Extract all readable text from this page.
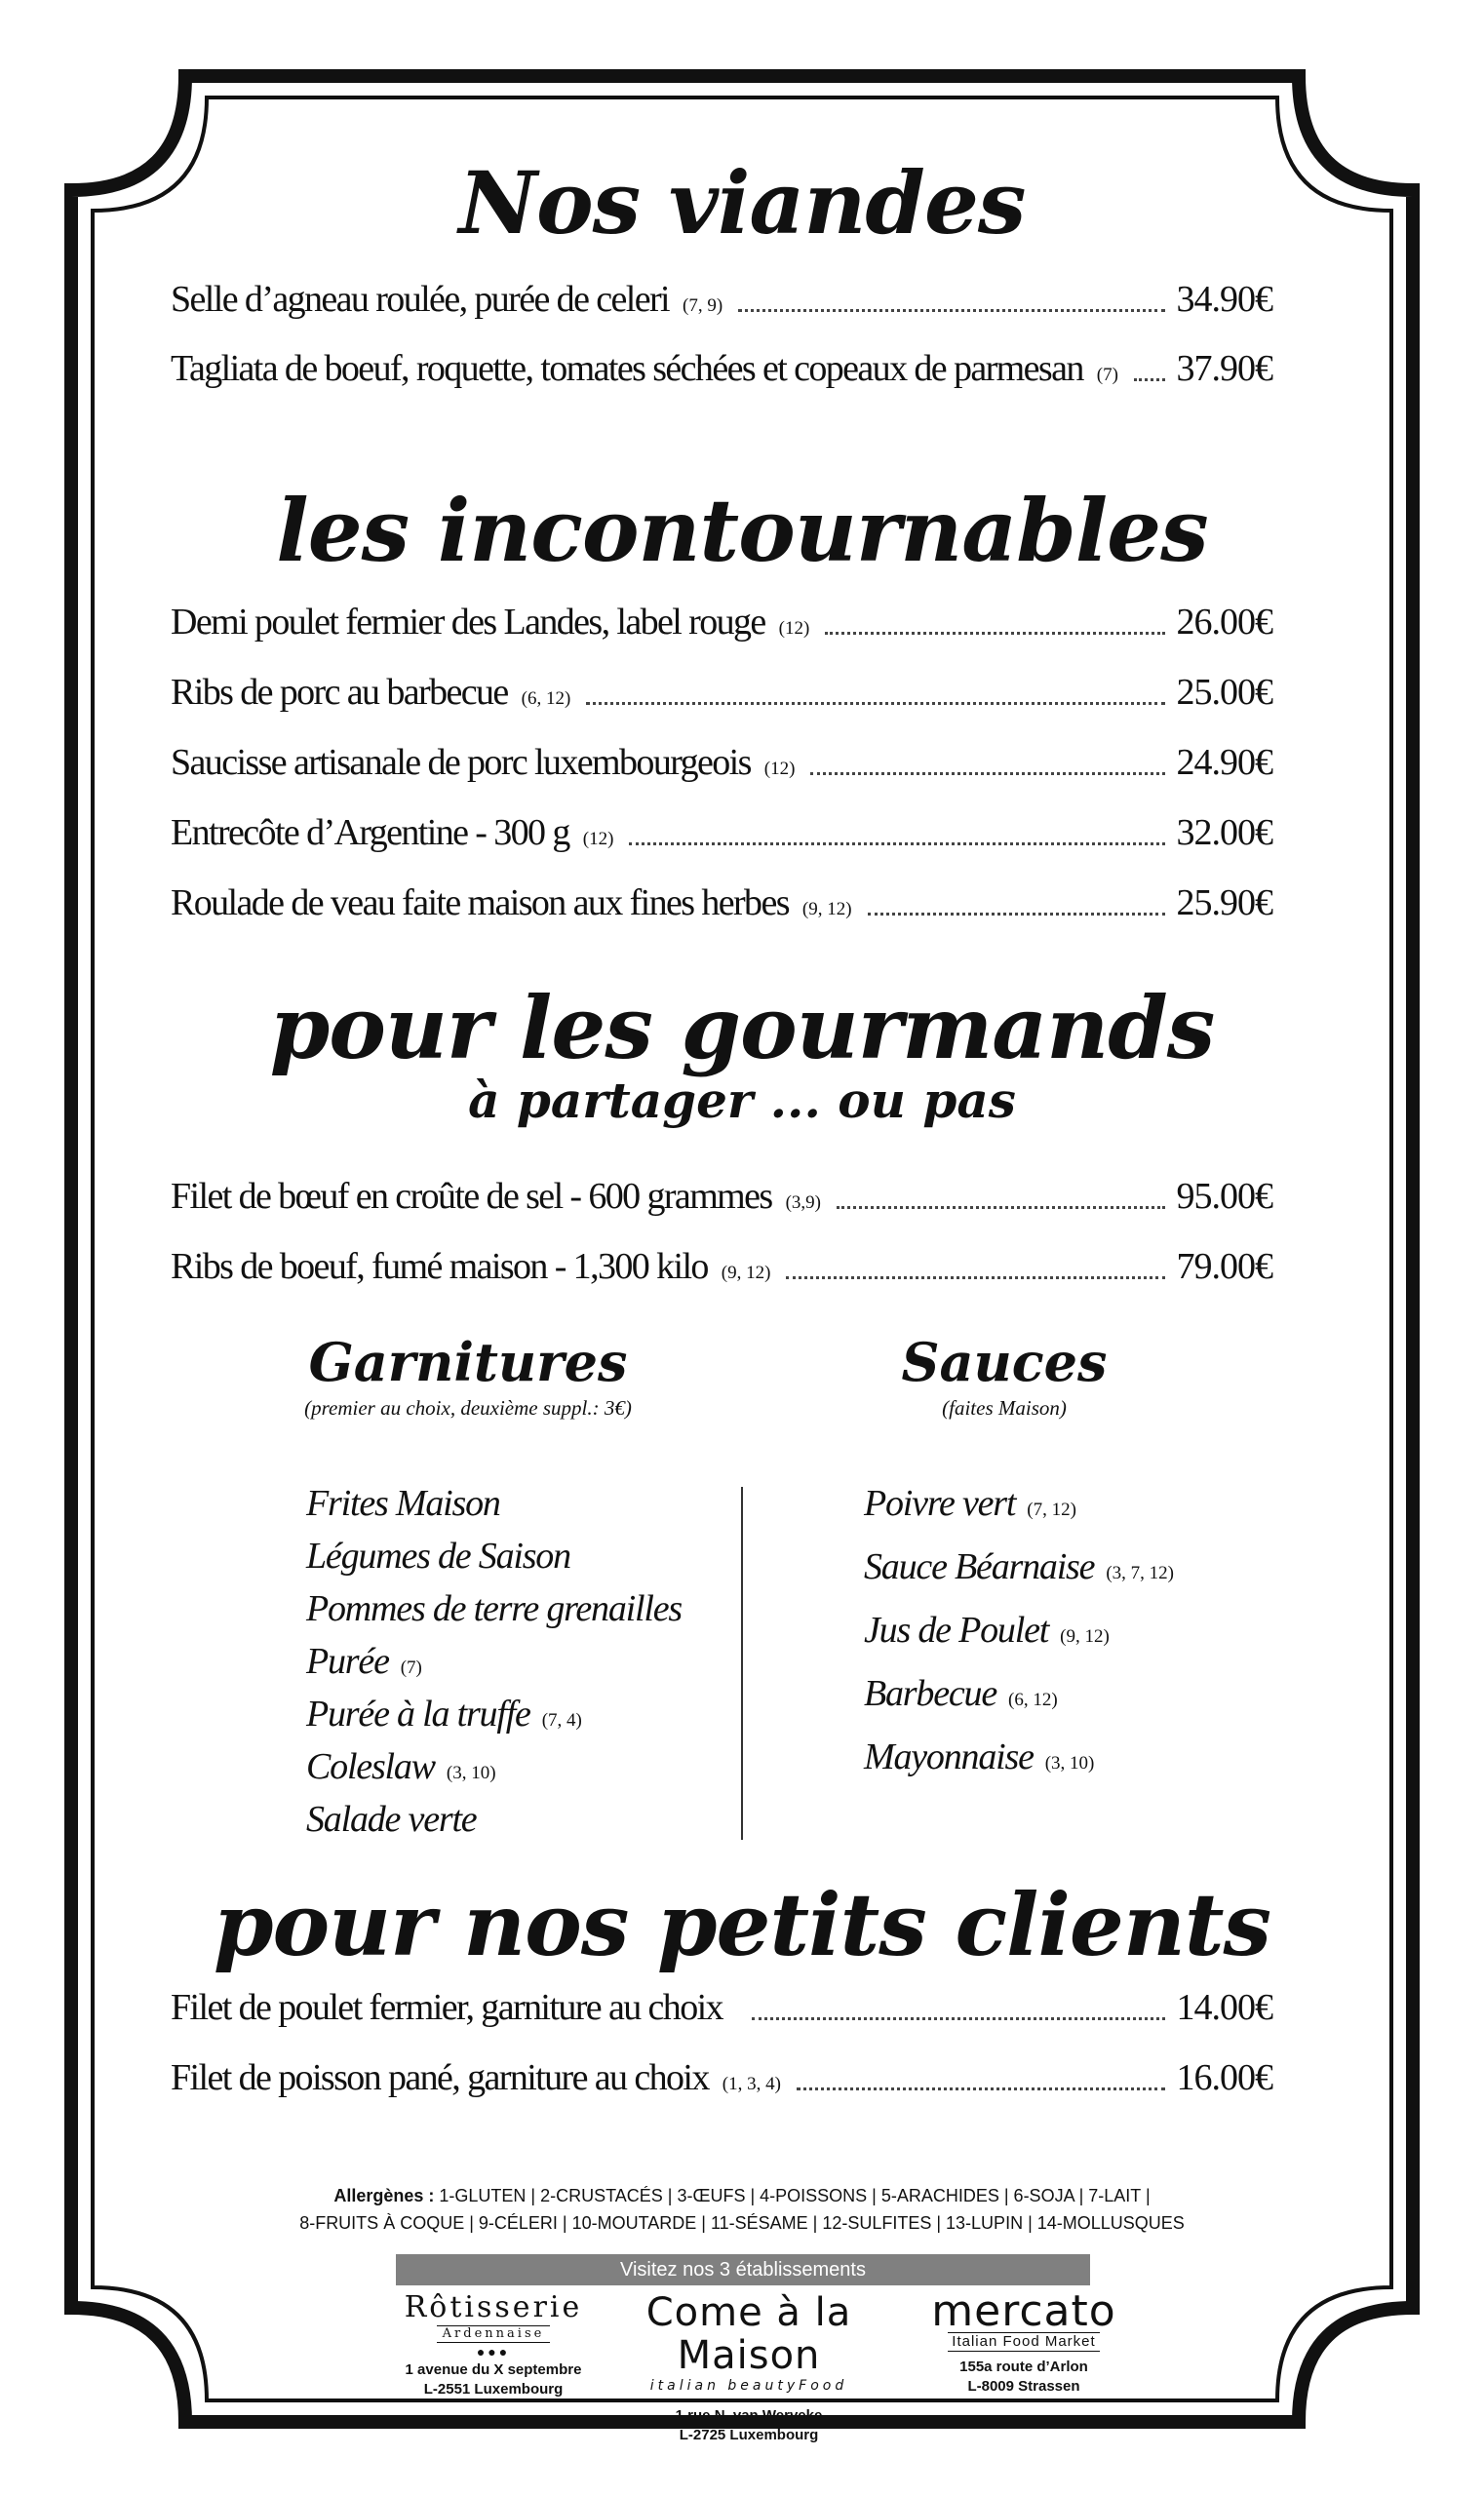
Nos viandes
Selle d’agneau roulée, purée de celeri (7, 9)	34.90€
Tagliata de boeuf, roquette, tomates séchées et copeaux de parmesan (7) 37.90€
les incontournables
Demi poulet fermier des Landes, label rouge (12)	26.00€
Ribs de porc au barbecue (6, 12)	25.00€
Saucisse artisanale de porc luxembourgeois (12)	24.90€
Entrecôte d’Argentine - 300 g (12)	32.00€
Roulade de veau faite maison aux fines herbes (9, 12)	25.90€
pour les gourmands
à partager ... ou pas
Filet de bœuf en croûte de sel - 600 grammes (3,9)	95.00€
Ribs de boeuf, fumé maison - 1,300 kilo (9, 12)	79.00€
Garnitures
(premier au choix, deuxième suppl.: 3€)
Frites Maison
Légumes de Saison
Pommes de terre grenailles
Purée (7)
Purée à la truffe (7, 4)
Coleslaw (3, 10)
Salade verte
Sauces
(faites Maison)
Poivre vert (7, 12)
Sauce Béarnaise (3, 7, 12)
Jus de Poulet (9, 12)
Barbecue (6, 12)
Mayonnaise (3, 10)
pour nos petits clients
Filet de poulet fermier, garniture au choix	14.00€
Filet de poisson pané, garniture au choix (1, 3, 4)	16.00€
Allergènes : 1-GLUTEN | 2-CRUSTACÉS | 3-ŒUFS | 4-POISSONS | 5-ARACHIDES | 6-SOJA | 7-LAIT |
8-FRUITS À COQUE | 9-CÉLERI | 10-MOUTARDE | 11-SÉSAME | 12-SULFITES | 13-LUPIN | 14-MOLLUSQUES
Visitez nos 3 établissements
Rôtisserie
Ardennaise
●●●
1 avenue du X septembre
L-2551 Luxembourg
Come à la Maison
italian beautyFood
1 rue N. van Werveke
L-2725 Luxembourg
mercato
Italian Food Market
155a route d’Arlon
L-8009 Strassen
